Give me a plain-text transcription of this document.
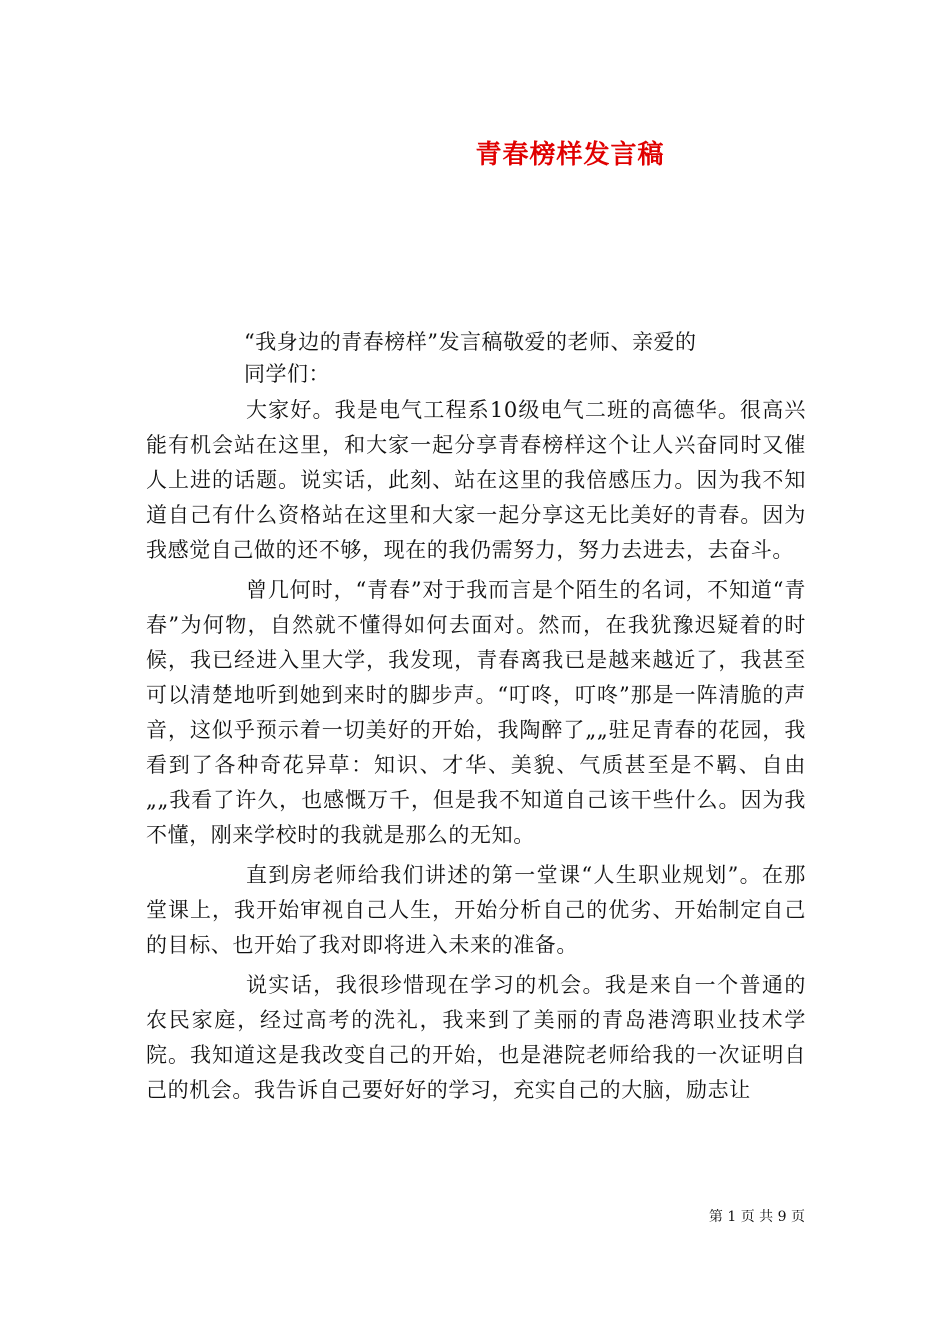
青春榜样发言稿
“我身边的青春榜样”发言稿敬爱的老师、亲爱的
同学们：

大家好。我是电气工程系10级电气二班的高德华。很高兴能有机会站在这里，和大家一起分享青春榜样这个让人兴奋同时又催人上进的话题。说实话，此刻、站在这里的我倍感压力。因为我不知道自己有什么资格站在这里和大家一起分享这无比美好的青春。因为我感觉自己做的还不够，现在的我仍需努力，努力去进去，去奋斗。

曾几何时，“青春”对于我而言是个陌生的名词，不知道“青春”为何物，自然就不懂得如何去面对。然而，在我犹豫迟疑着的时候，我已经进入里大学，我发现，青春离我已是越来越近了，我甚至可以清楚地听到她到来时的脚步声。“叮咚，叮咚”那是一阵清脆的声音，这似乎预示着一切美好的开始，我陶醉了„„驻足青春的花园，我看到了各种奇花异草：知识、才华、美貌、气质甚至是不羁、自由„„我看了许久，也感慨万千，但是我不知道自己该干些什么。因为我不懂，刚来学校时的我就是那么的无知。

直到房老师给我们讲述的第一堂课“人生职业规划”。在那堂课上，我开始审视自己人生，开始分析自己的优劣、开始制定自己的目标、也开始了我对即将进入未来的准备。

说实话，我很珍惜现在学习的机会。我是来自一个普通的农民家庭，经过高考的洗礼，我来到了美丽的青岛港湾职业技术学院。我知道这是我改变自己的开始，也是港院老师给我的一次证明自己的机会。我告诉自己要好好的学习，充实自己的大脑，励志让

第 1 页 共 9 页
